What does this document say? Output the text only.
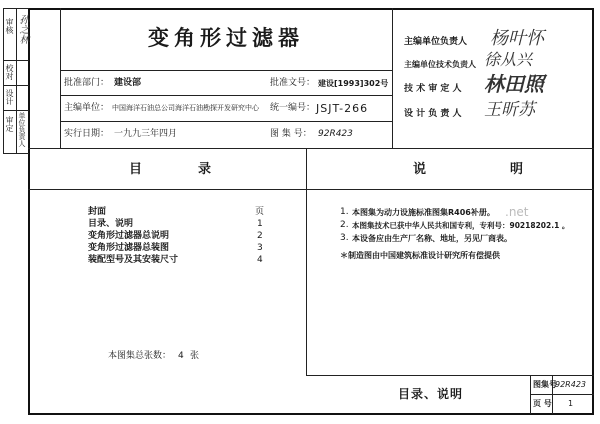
孙之林
审核
校对
设计
审定 单位负责人
变角形过滤器
批准部门： 建设部	批准文号： 建设[1993]302号
主编单位： 中国海洋石油总公司海洋石油勘探开发研究中心 统一编号： JSJT-266
实行日期： 一九九三年四月	图 集 号： 92R423
主编单位负责人 杨叶怀
主编单位技术负责人 徐从兴
技 术 审 定 人 林田照
设 计 负 责 人 王昕苏
目	录	说	明
页
封面
目录、说明	1
变角形过滤器总说明	2
变角形过滤器总装图	3
装配型号及其安装尺寸	4
本图集总张数： 4 张
1. 本图集为动力设施标准图集R406补册。
2. 本图集技术已获中华人民共和国专利，专利号：90218202.1 。
3. 本设备应由生产厂名称、地址，另见厂商表。
＊制造图由中国建筑标准设计研究所有偿提供
.net
目录、说明
图集号
92R423
页 号 1
